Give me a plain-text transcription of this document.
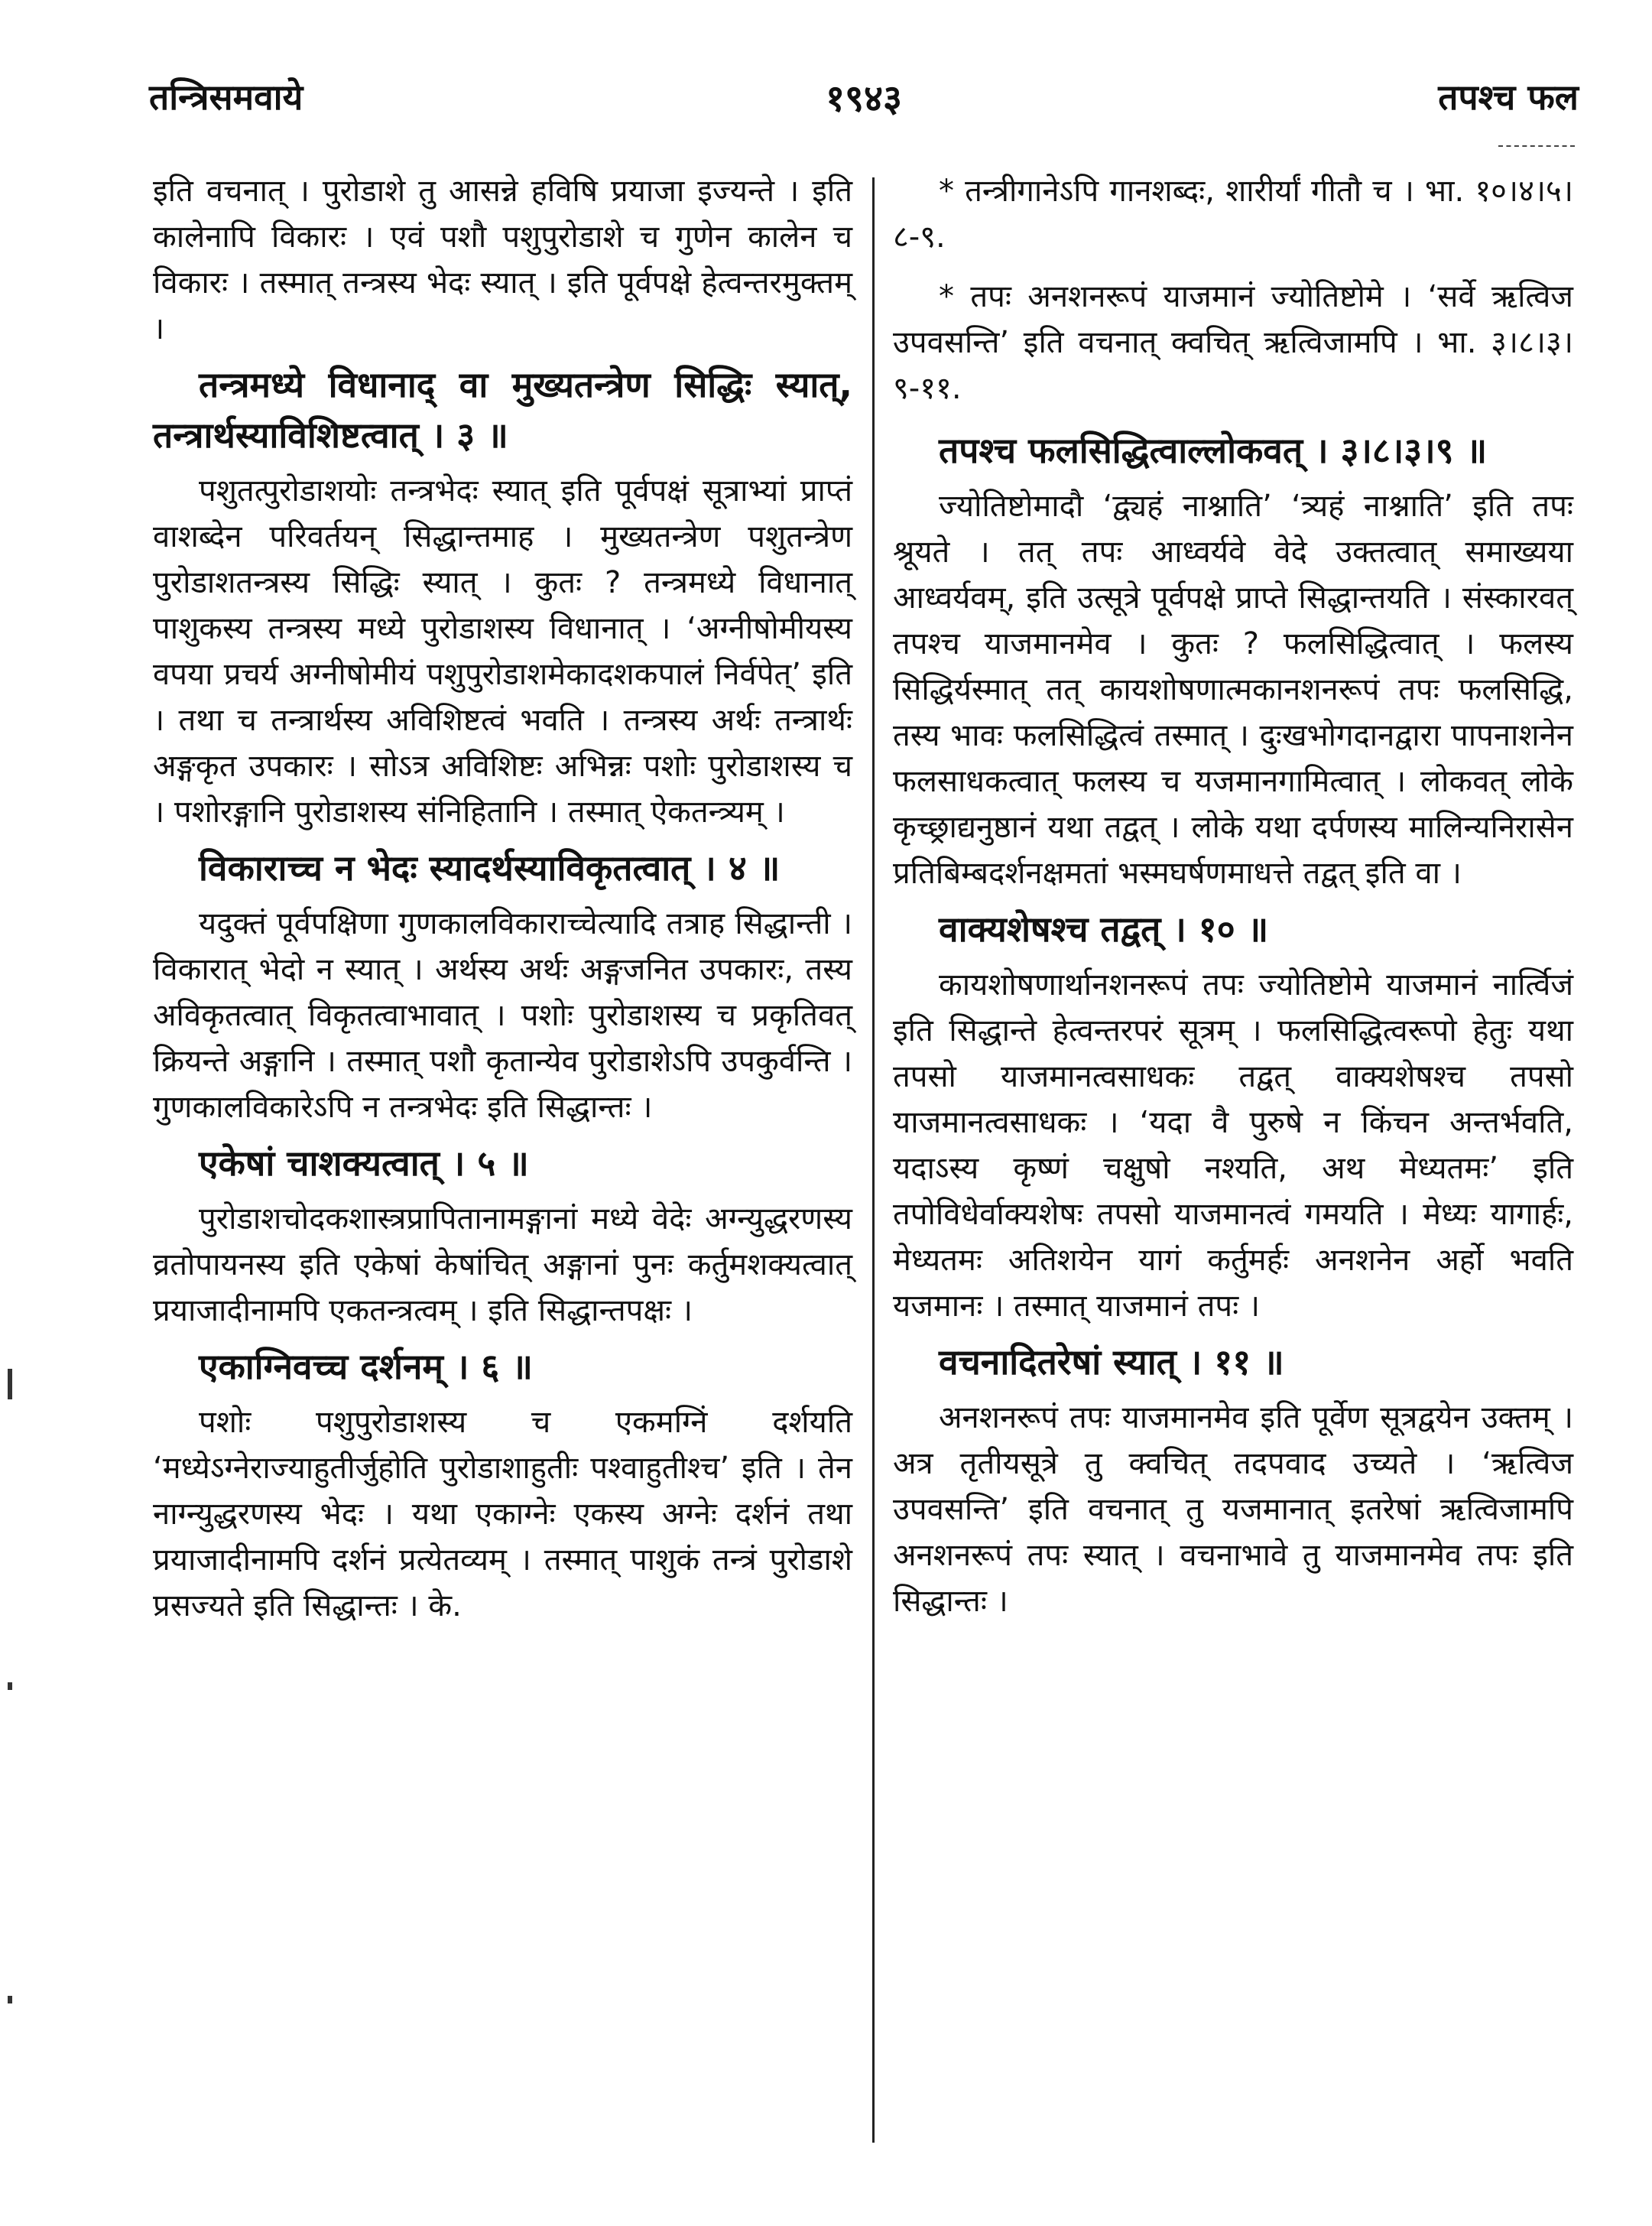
१९४३
तन्त्रिसमवाये	तपश्च फल

इति वचनात् । पुरोडाशे तु आसन्ने हविषि प्रयाजा इज्यन्ते । इति कालेनापि विकारः । एवं पशौ पशुपुरोडाशे च गुणेन कालेन च विकारः । तस्मात् तन्त्रस्य भेदः स्यात् । इति पूर्वपक्षे हेत्वन्तरमुक्तम् ।

तन्त्रमध्ये विधानाद् वा मुख्यतन्त्रेण सिद्धिः स्यात्, तन्त्रार्थस्याविशिष्टत्वात् । ३ ॥

पशुतत्पुरोडाशयोः तन्त्रभेदः स्यात् इति पूर्वपक्षं सूत्राभ्यां प्राप्तं वाशब्देन परिवर्तयन् सिद्धान्तमाह । मुख्यतन्त्रेण पशुतन्त्रेण पुरोडाशतन्त्रस्य सिद्धिः स्यात् । कुतः ? तन्त्रमध्ये विधानात् पाशुकस्य तन्त्रस्य मध्ये पुरोडाशस्य विधानात् । ‘अग्नीषोमीयस्य वपया प्रचर्य अग्नीषोमीयं पशुपुरोडाशमेकादशकपालं निर्वपेत्’ इति । तथा च तन्त्रार्थस्य अविशिष्टत्वं भवति । तन्त्रस्य अर्थः तन्त्रार्थः अङ्गकृत उपकारः । सोऽत्र अविशिष्टः अभिन्नः पशोः पुरोडाशस्य च । पशोरङ्गानि पुरोडाशस्य संनिहितानि । तस्मात् ऐकतन्त्र्यम् ।

विकाराच्च न भेदः स्यादर्थस्याविकृतत्वात् । ४ ॥

यदुक्तं पूर्वपक्षिणा गुणकालविकाराच्चेत्यादि तत्राह सिद्धान्ती । विकारात् भेदो न स्यात् । अर्थस्य अर्थः अङ्गजनित उपकारः, तस्य अविकृतत्वात् विकृतत्वाभावात् । पशोः पुरोडाशस्य च प्रकृतिवत् क्रियन्ते अङ्गानि । तस्मात् पशौ कृतान्येव पुरोडाशेऽपि उपकुर्वन्ति । गुणकालविकारेऽपि न तन्त्रभेदः इति सिद्धान्तः ।

एकेषां चाशक्यत्वात् । ५ ॥

पुरोडाशचोदकशास्त्रप्रापितानामङ्गानां मध्ये वेदेः अग्न्युद्धरणस्य व्रतोपायनस्य इति एकेषां केषांचित् अङ्गानां पुनः कर्तुमशक्यत्वात् प्रयाजादीनामपि एकतन्त्रत्वम् । इति सिद्धान्तपक्षः ।

एकाग्निवच्च दर्शनम् । ६ ॥

पशोः पशुपुरोडाशस्य च एकमग्निं दर्शयति ‘मध्येऽग्नेराज्याहुतीर्जुहोति पुरोडाशाहुतीः पश्वाहुतीश्च’ इति । तेन नाग्न्युद्धरणस्य भेदः । यथा एकाग्नेः एकस्य अग्नेः दर्शनं तथा प्रयाजादीनामपि दर्शनं प्रत्येतव्यम् । तस्मात् पाशुकं तन्त्रं पुरोडाशे प्रसज्यते इति सिद्धान्तः । के.

* तन्त्रीगानेऽपि गानशब्दः, शारीर्यां गीतौ च । भा. १०।४।५।८-९.

* तपः अनशनरूपं याजमानं ज्योतिष्टोमे । ‘सर्वे ऋत्विज उपवसन्ति’ इति वचनात् क्वचित् ऋत्विजामपि । भा. ३।८।३।९-११.

तपश्च फलसिद्धित्वाल्लोकवत् । ३।८।३।९ ॥

ज्योतिष्टोमादौ ‘द्व्यहं नाश्नाति’ ‘त्र्यहं नाश्नाति’ इति तपः श्रूयते । तत् तपः आध्वर्यवे वेदे उक्तत्वात् समाख्यया आध्वर्यवम्, इति उत्सूत्रे पूर्वपक्षे प्राप्ते सिद्धान्तयति । संस्कारवत् तपश्च याजमानमेव । कुतः ? फलसिद्धित्वात् । फलस्य सिद्धिर्यस्मात् तत् कायशोषणात्मकानशनरूपं तपः फलसिद्धि, तस्य भावः फलसिद्धित्वं तस्मात् । दुःखभोगदानद्वारा पापनाशनेन फलसाधकत्वात् फलस्य च यजमानगामित्वात् । लोकवत् लोके कृच्छ्राद्यनुष्ठानं यथा तद्वत् । लोके यथा दर्पणस्य मालिन्यनिरासेन प्रतिबिम्बदर्शनक्षमतां भस्मघर्षणमाधत्ते तद्वत् इति वा ।

वाक्यशेषश्च तद्वत् । १० ॥

कायशोषणार्थानशनरूपं तपः ज्योतिष्टोमे याजमानं नार्त्विजं इति सिद्धान्ते हेत्वन्तरपरं सूत्रम् । फलसिद्धित्वरूपो हेतुः यथा तपसो याजमानत्वसाधकः तद्वत् वाक्यशेषश्च तपसो याजमानत्वसाधकः । ‘यदा वै पुरुषे न किंचन अन्तर्भवति, यदाऽस्य कृष्णं चक्षुषो नश्यति, अथ मेध्यतमः’ इति तपोविधेर्वाक्यशेषः तपसो याजमानत्वं गमयति । मेध्यः यागार्हः, मेध्यतमः अतिशयेन यागं कर्तुमर्हः अनशनेन अर्हो भवति यजमानः । तस्मात् याजमानं तपः ।

वचनादितरेषां स्यात् । ११ ॥

अनशनरूपं तपः याजमानमेव इति पूर्वेण सूत्रद्वयेन उक्तम् । अत्र तृतीयसूत्रे तु क्वचित् तदपवाद उच्यते । ‘ऋत्विज उपवसन्ति’ इति वचनात् तु यजमानात् इतरेषां ऋत्विजामपि अनशनरूपं तपः स्यात् । वचनाभावे तु याजमानमेव तपः इति सिद्धान्तः ।
